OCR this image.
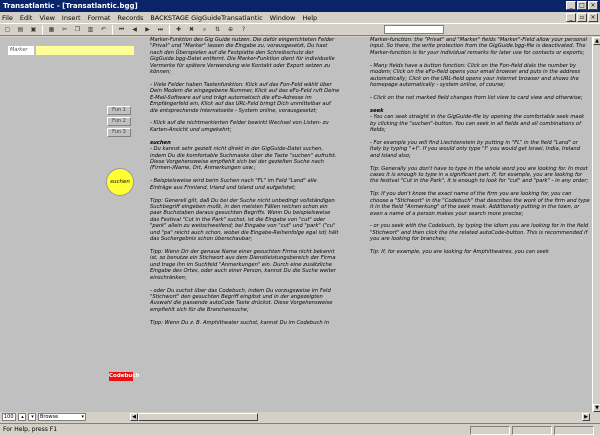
Transatlantic - [Transatlantic.bgg]	_	□ ×
File Edit View Insert Format Records BACKSTAGE GigGuideTransatlantic Window Help	_	▫	×
▢ ▤ ▣ ▦	✂	❐	▥	↶	⏮	◀	▶	⏭	✚	✖	⌕	⇅	⊕	?
Marker
Fun 1
Fun 2
Fun 3
suchen
Codebuch

Marker-Funktion des Gig Guide nutzen. Die dafür eingerichteten Felder "Privat" und "Marker" lassen die Eingabe zu, vorausgesetzt, Du hast nach den Überspielen auf die Festplatte den Schreibschutz der GigGuide.bgg-Datei entfernt. Die Marker-Funktion dient für individuelle Vermerke für spätere Verwendung wie Kontakt oder Export setzen zu können;

- Viele Felder haben Tastenfunktion: Klick auf das Fon-Feld wählt über Dein Modem die eingegebene Nummer, Klick auf das eFo-Feld ruft Deine E-Mail-Software auf und trägt automatisch die eFo-Adresse im Empfängerfeld ein, Klick auf das URL-Feld bringt Dich unmittelbar auf die entsprechende Internetseite - System online, vorausgesetzt;

- Klick auf die nichtmarkierten Felder bewirkt Wechsel von Listen- zu Karten-Ansicht und umgekehrt;

suchen

- Du kannst sehr gezielt nicht direkt in der GigGuide-Datei suchen, indem Du die komfortable Suchmaske über die Taste "suchen" aufrufst. Diese Vorgehensweise empfiehlt sich bei der gezielten Suche nach (Firmen-)Name, Ort, Anmerkungen usw.;

- Beispielsweise wird beim Suchen nach "FL" im Feld "Land" alle Einträge aus Finnland, Irland und Island und aufgelistet;

Tipp: Generell gilt, daß Du bei der Suche nicht unbedingt vollständigen Suchbegriff eingeben mußt, in den meisten Fällen reichen schon ein paar Buchstaben daraus gesuchten Begriffs. Wenn Du beispielsweise das Festival "Cut in the Park" suchst, ist die Eingabe von "cut" oder "park" allein zu weitschweifend; bei Eingabe von "cut" und "park" ("cu" und "pa" reicht auch schon, wobei die Eingabe-Reihenfolge egal ist) hält das Suchergebnis schon überschaubar;

Tipp: Wenn Dir der genaue Name einer gesuchten Firma nicht bekannt ist, so benutze ein Stichwort aus dem Dienstleistungsbereich der Firma und trage ihn im Suchfeld "Anmerkungen" ein. Durch eine zusätzliche Eingabe des Ortes, oder auch einer Person, kannst Du die Suche weiter einschränken;

- oder Du suchst über das Codebuch, indem Du vorzugsweise im Feld "Stichwort" den gesuchten Begriff eingibst und in der angezeigten Auswahl die passende autoCode Taste drückst. Diese Vorgehensweise empfiehlt sich für die Branchensuche;

Tipp: Wenn Du z. B. Amphitheater suchst, kannst Du im Codebuch in

Marker-function: the "Privat" and "Marker" fields "Marker"-Field allow your personal input. So there, the write protection from the GigGuide.bgg-file is deactivated. The Marker-function is for your individual remarks for later use for contacts or exports;

- Many fields have a button function: Click on the Fon-field dials the number by modem; Click on the eFo-field opens your email browser and puts in the address automatically; Click on the URL-field opens your internet browser and shows the homepage automatically - system online, of course;

- Click on the not marked field changes from list view to card view and otherwise;

seek

- You can seek straight in the GigGuide-file by opening the comfortable seek mask by clicking the "suchen"-button. You can seek in all fields and all combinations of fields;

- For example you will find Liechtenstein by putting in "FL" in the field "Land" or Italy by typing "+I". If you would only type "I" you would get Israel, India, Ireland and Island also;

Tip: Generally you don't have to type in the whole word you are looking for. In most cases it is enough to type in a significant part. If, for example, you are looking for the festival "Cut in the Park", it is enough to look for "cut" and "park" - in any order;

Tip: If you don't know the exact name of the firm you are looking for, you can choose a "Stichwort" in the "Codebuch" that describes the work of the firm and type it in the field "Anmerkung" of the seek mask. Additionally putting in the town, or even a name of a person makes your search more precise;

- or you seek with the Codebuch, by typing the idiom you are looking for in the field "Stichwort" and then click the the related autoCode-button. This is recommended if you are looking for branches;

Tip: If, for example, you are looking for Amphitheatres, you can seek

▲
▼
100	▴	▾	Browse	▾	◀	▶
For Help, press F1
